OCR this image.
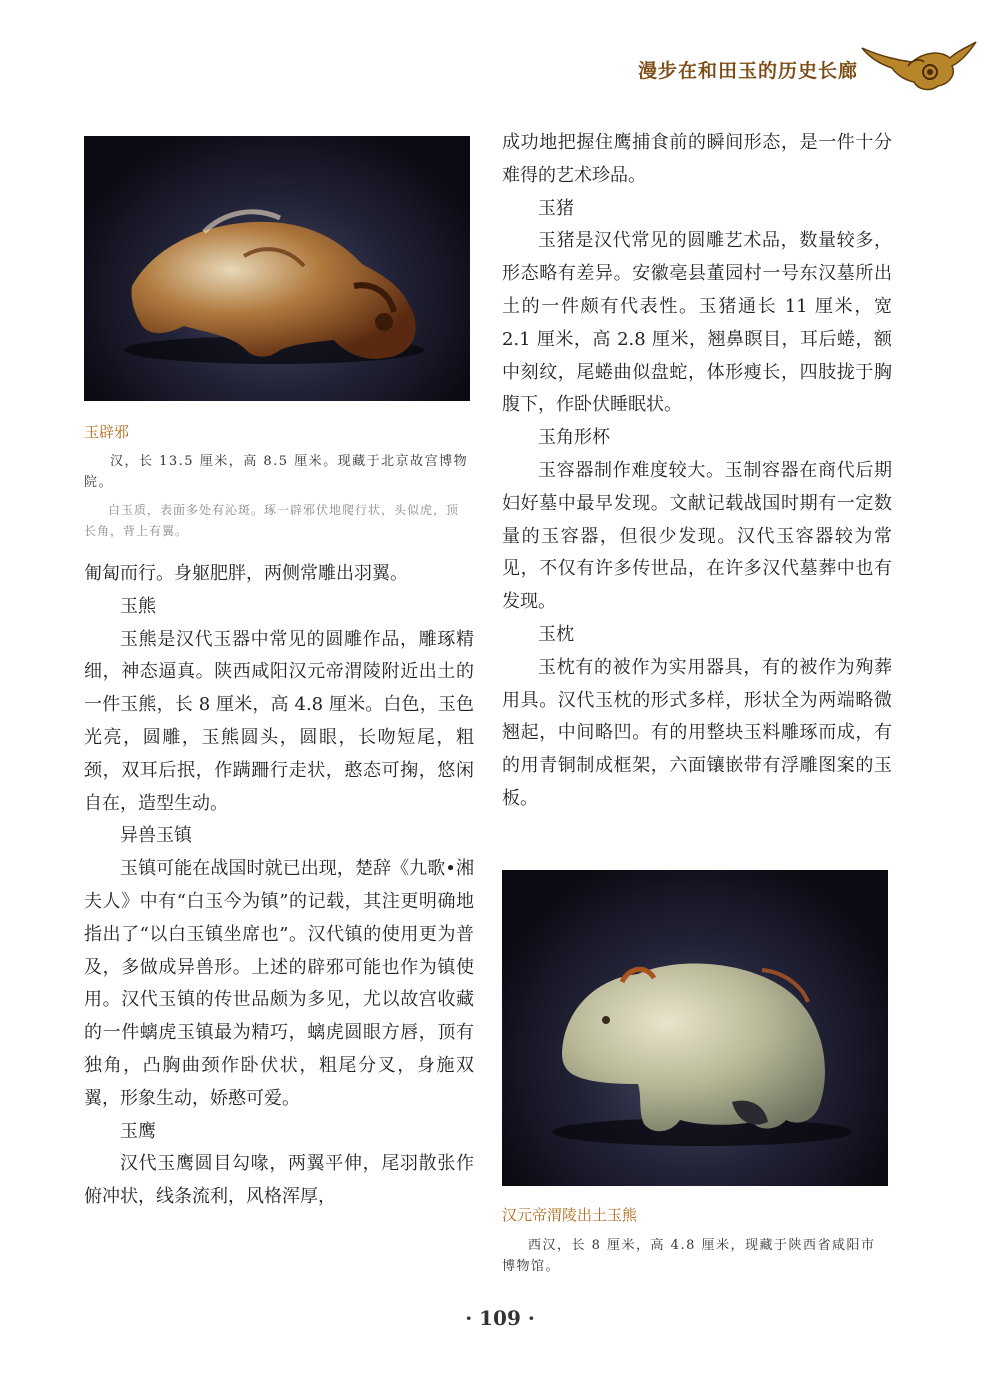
漫步在和田玉的历史长廊
玉辟邪

汉，长 13.5 厘米，高 8.5 厘米。现藏于北京故宫博物院。

白玉质，表面多处有沁斑。琢一辟邪伏地爬行状，头似虎，顶长角，背上有翼。

匍匐而行。身躯肥胖，两侧常雕出羽翼。

玉熊

玉熊是汉代玉器中常见的圆雕作品，雕琢精细，神态逼真。陕西咸阳汉元帝渭陵附近出土的一件玉熊，长 8 厘米，高 4.8 厘米。白色，玉色光亮，圆雕，玉熊圆头，圆眼，长吻短尾，粗颈，双耳后抿，作蹒跚行走状，憨态可掬，悠闲自在，造型生动。

异兽玉镇

玉镇可能在战国时就已出现，楚辞《九歌•湘夫人》中有“白玉今为镇”的记载，其注更明确地指出了“以白玉镇坐席也”。汉代镇的使用更为普及，多做成异兽形。上述的辟邪可能也作为镇使用。汉代玉镇的传世品颇为多见，尤以故宫收藏的一件螭虎玉镇最为精巧，螭虎圆眼方唇，顶有独角，凸胸曲颈作卧伏状，粗尾分叉，身施双翼，形象生动，娇憨可爱。

玉鹰

汉代玉鹰圆目勾喙，两翼平伸，尾羽散张作俯冲状，线条流利，风格浑厚，

成功地把握住鹰捕食前的瞬间形态，是一件十分难得的艺术珍品。

玉猪

玉猪是汉代常见的圆雕艺术品，数量较多，形态略有差异。安徽亳县董园村一号东汉墓所出土的一件颇有代表性。玉猪通长 11 厘米，宽 2.1 厘米，高 2.8 厘米，翘鼻瞑目，耳后蜷，额中刻纹，尾蜷曲似盘蛇，体形瘦长，四肢拢于胸腹下，作卧伏睡眠状。

玉角形杯

玉容器制作难度较大。玉制容器在商代后期妇好墓中最早发现。文献记载战国时期有一定数量的玉容器，但很少发现。汉代玉容器较为常见，不仅有许多传世品，在许多汉代墓葬中也有发现。

玉枕

玉枕有的被作为实用器具，有的被作为殉葬用具。汉代玉枕的形式多样，形状全为两端略微翘起，中间略凹。有的用整块玉料雕琢而成，有的用青铜制成框架，六面镶嵌带有浮雕图案的玉板。

汉元帝渭陵出土玉熊

西汉，长 8 厘米，高 4.8 厘米，现藏于陕西省咸阳市博物馆。

· 109 ·
